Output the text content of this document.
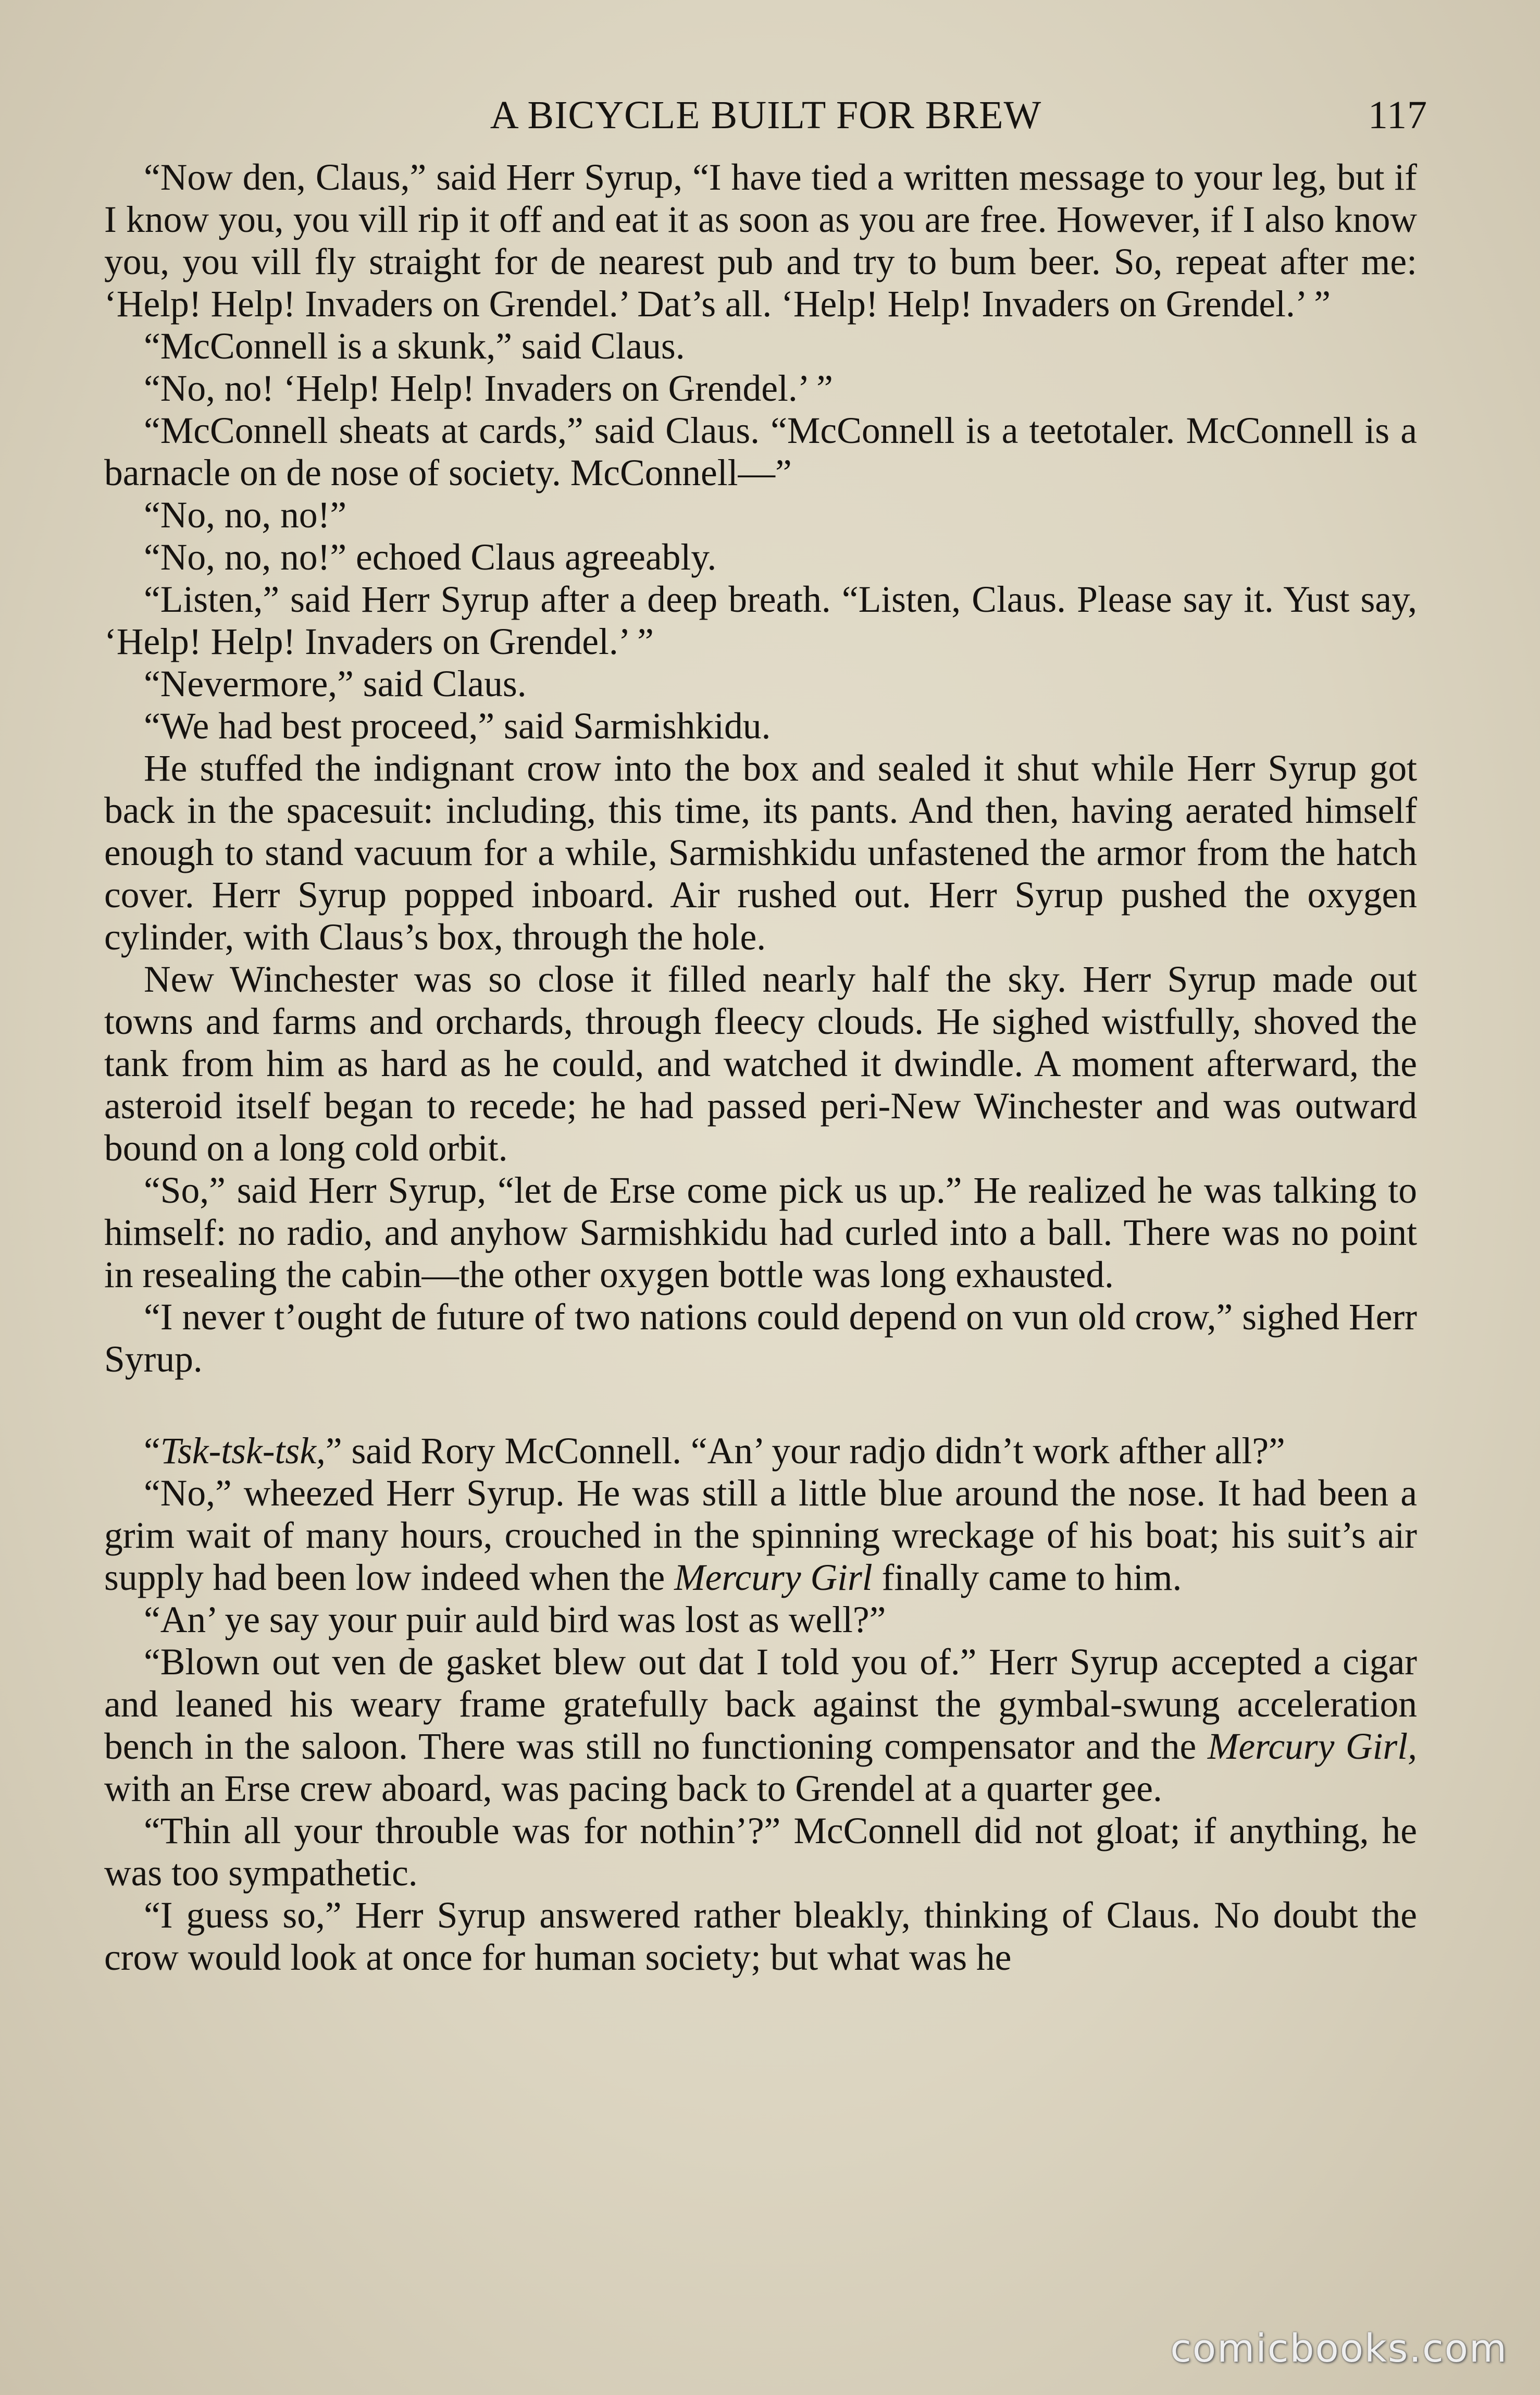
A BICYCLE BUILT FOR BREW	117

“Now den, Claus,” said Herr Syrup, “I have tied a written message to your leg, but if I know you, you vill rip it off and eat it as soon as you are free. However, if I also know you, you vill fly straight for de nearest pub and try to bum beer. So, repeat after me: ‘Help! Help! Invaders on Grendel.’ Dat’s all. ‘Help! Help! Invaders on Grendel.’ ”

“McConnell is a skunk,” said Claus.

“No, no! ‘Help! Help! Invaders on Grendel.’ ”

“McConnell sheats at cards,” said Claus. “McConnell is a teetotaler. McConnell is a barnacle on de nose of society. McConnell—”

“No, no, no!”

“No, no, no!” echoed Claus agreeably.

“Listen,” said Herr Syrup after a deep breath. “Listen, Claus. Please say it. Yust say, ‘Help! Help! Invaders on Grendel.’ ”

“Nevermore,” said Claus.

“We had best proceed,” said Sarmishkidu.

He stuffed the indignant crow into the box and sealed it shut while Herr Syrup got back in the spacesuit: including, this time, its pants. And then, having aerated himself enough to stand vacuum for a while, Sarmishkidu unfastened the armor from the hatch cover. Herr Syrup popped inboard. Air rushed out. Herr Syrup pushed the oxygen cylinder, with Claus’s box, through the hole.

New Winchester was so close it filled nearly half the sky. Herr Syrup made out towns and farms and orchards, through fleecy clouds. He sighed wistfully, shoved the tank from him as hard as he could, and watched it dwindle. A moment afterward, the asteroid itself began to recede; he had passed peri-New Winchester and was outward bound on a long cold orbit.

“So,” said Herr Syrup, “let de Erse come pick us up.” He realized he was talking to himself: no radio, and anyhow Sarmishkidu had curled into a ball. There was no point in resealing the cabin—the other oxygen bottle was long exhausted.

“I never t’ought de future of two nations could depend on vun old crow,” sighed Herr Syrup.

“Tsk-tsk-tsk,” said Rory McConnell. “An’ your radjo didn’t work afther all?”

“No,” wheezed Herr Syrup. He was still a little blue around the nose. It had been a grim wait of many hours, crouched in the spinning wreckage of his boat; his suit’s air supply had been low indeed when the Mercury Girl finally came to him.

“An’ ye say your puir auld bird was lost as well?”

“Blown out ven de gasket blew out dat I told you of.” Herr Syrup accepted a cigar and leaned his weary frame gratefully back against the gymbal-swung acceleration bench in the saloon. There was still no functioning compensator and the Mercury Girl, with an Erse crew aboard, was pacing back to Grendel at a quarter gee.

“Thin all your throuble was for nothin’?” McConnell did not gloat; if anything, he was too sympathetic.

“I guess so,” Herr Syrup answered rather bleakly, thinking of Claus. No doubt the crow would look at once for human society; but what was he

comicbooks.com
